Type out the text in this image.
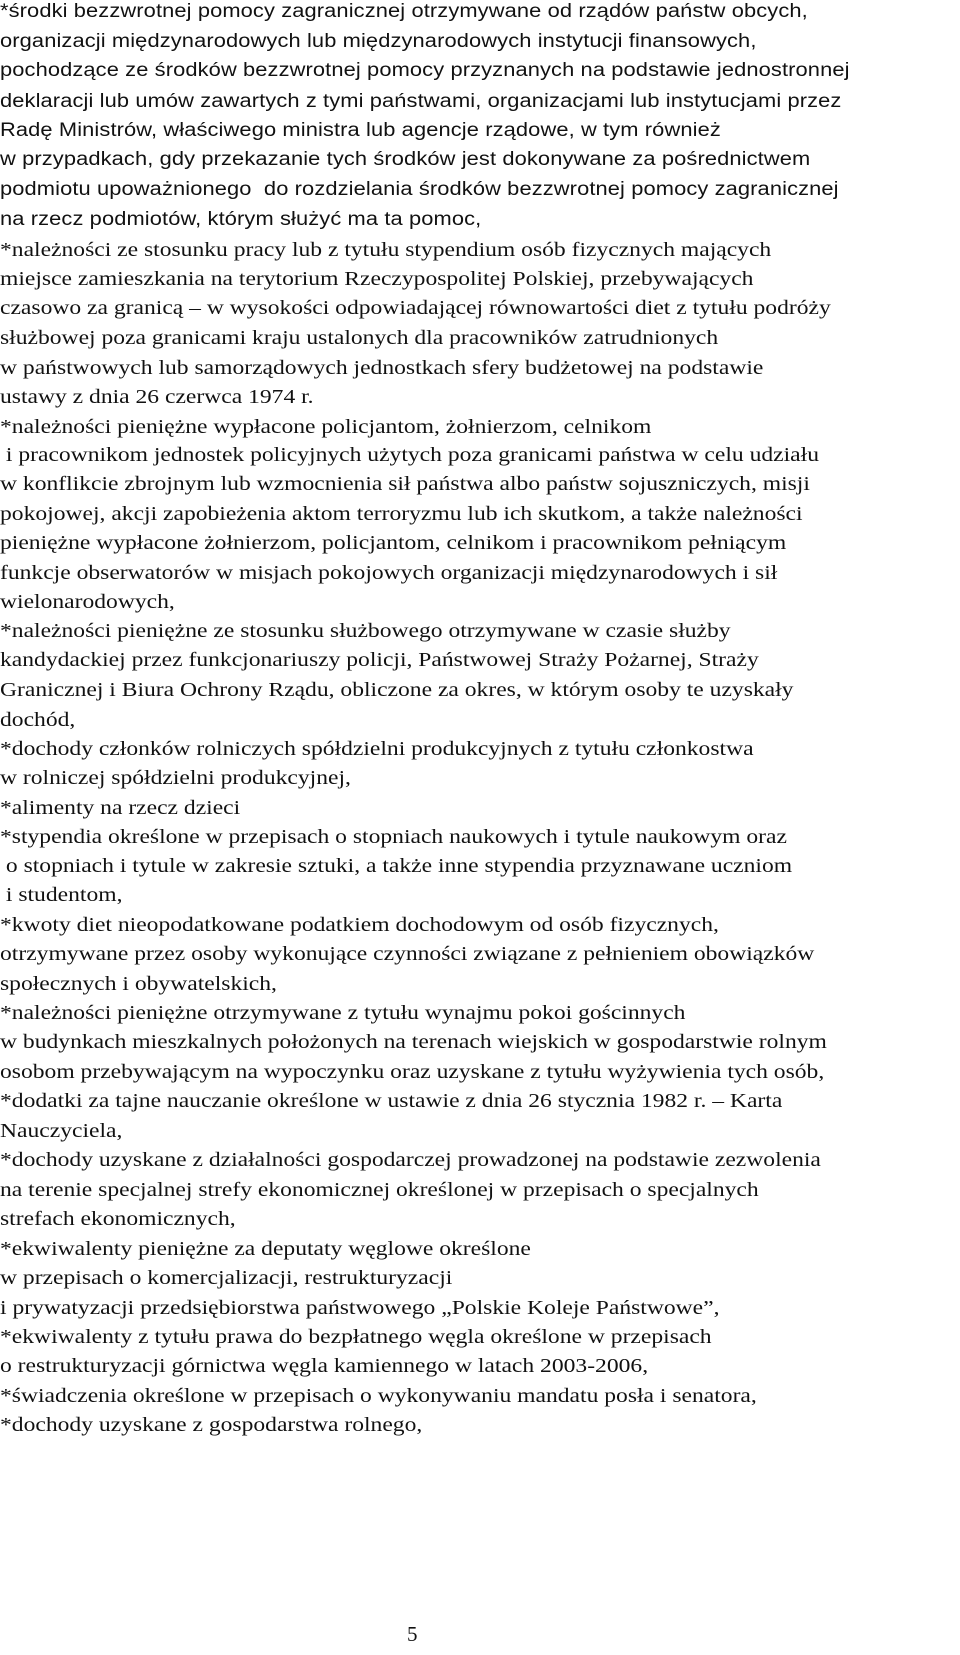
*środki bezzwrotnej pomocy zagranicznej otrzymywane od rządów państw obcych,
organizacji międzynarodowych lub międzynarodowych instytucji finansowych,
pochodzące ze środków bezzwrotnej pomocy przyznanych na podstawie jednostronnej
deklaracji lub umów zawartych z tymi państwami, organizacjami lub instytucjami przez
Radę Ministrów, właściwego ministra lub agencje rządowe, w tym również
w przypadkach, gdy przekazanie tych środków jest dokonywane za pośrednictwem
podmiotu upoważnionego  do rozdzielania środków bezzwrotnej pomocy zagranicznej
na rzecz podmiotów, którym służyć ma ta pomoc,
*należności ze stosunku pracy lub z tytułu stypendium osób fizycznych mających
miejsce zamieszkania na terytorium Rzeczypospolitej Polskiej, przebywających
czasowo za granicą – w wysokości odpowiadającej równowartości diet z tytułu podróży
służbowej poza granicami kraju ustalonych dla pracowników zatrudnionych
w państwowych lub samorządowych jednostkach sfery budżetowej na podstawie
ustawy z dnia 26 czerwca 1974 r.
*należności pieniężne wypłacone policjantom, żołnierzom, celnikom
i pracownikom jednostek policyjnych użytych poza granicami państwa w celu udziału
w konflikcie zbrojnym lub wzmocnienia sił państwa albo państw sojuszniczych, misji
pokojowej, akcji zapobieżenia aktom terroryzmu lub ich skutkom, a także należności
pieniężne wypłacone żołnierzom, policjantom, celnikom i pracownikom pełniącym
funkcje obserwatorów w misjach pokojowych organizacji międzynarodowych i sił
wielonarodowych,
*należności pieniężne ze stosunku służbowego otrzymywane w czasie służby
kandydackiej przez funkcjonariuszy policji, Państwowej Straży Pożarnej, Straży
Granicznej i Biura Ochrony Rządu, obliczone za okres, w którym osoby te uzyskały
dochód,
*dochody członków rolniczych spółdzielni produkcyjnych z tytułu członkostwa
w rolniczej spółdzielni produkcyjnej,
*alimenty na rzecz dzieci
*stypendia określone w przepisach o stopniach naukowych i tytule naukowym oraz
o stopniach i tytule w zakresie sztuki, a także inne stypendia przyznawane uczniom
i studentom,
*kwoty diet nieopodatkowane podatkiem dochodowym od osób fizycznych,
otrzymywane przez osoby wykonujące czynności związane z pełnieniem obowiązków
społecznych i obywatelskich,
*należności pieniężne otrzymywane z tytułu wynajmu pokoi gościnnych
w budynkach mieszkalnych położonych na terenach wiejskich w gospodarstwie rolnym
osobom przebywającym na wypoczynku oraz uzyskane z tytułu wyżywienia tych osób,
*dodatki za tajne nauczanie określone w ustawie z dnia 26 stycznia 1982 r. – Karta
Nauczyciela,
*dochody uzyskane z działalności gospodarczej prowadzonej na podstawie zezwolenia
na terenie specjalnej strefy ekonomicznej określonej w przepisach o specjalnych
strefach ekonomicznych,
*ekwiwalenty pieniężne za deputaty węglowe określone
w przepisach o komercjalizacji, restrukturyzacji
i prywatyzacji przedsiębiorstwa państwowego „Polskie Koleje Państwowe”,
*ekwiwalenty z tytułu prawa do bezpłatnego węgla określone w przepisach
o restrukturyzacji górnictwa węgla kamiennego w latach 2003-2006,
*świadczenia określone w przepisach o wykonywaniu mandatu posła i senatora,
*dochody uzyskane z gospodarstwa rolnego,
5
